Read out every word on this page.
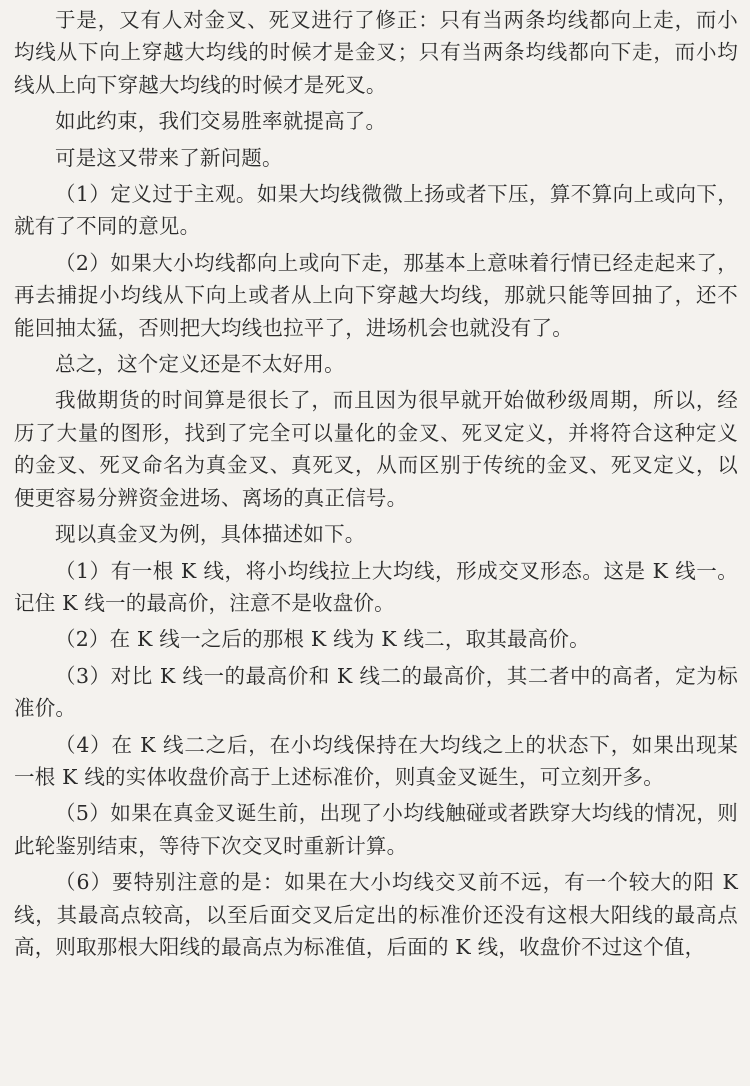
于是，又有人对金叉、死叉进行了修正：只有当两条均线都向上走，而小均线从下向上穿越大均线的时候才是金叉；只有当两条均线都向下走，而小均线从上向下穿越大均线的时候才是死叉。

如此约束，我们交易胜率就提高了。

可是这又带来了新问题。

（1）定义过于主观。如果大均线微微上扬或者下压，算不算向上或向下，就有了不同的意见。

（2）如果大小均线都向上或向下走，那基本上意味着行情已经走起来了，再去捕捉小均线从下向上或者从上向下穿越大均线，那就只能等回抽了，还不能回抽太猛，否则把大均线也拉平了，进场机会也就没有了。

总之，这个定义还是不太好用。

我做期货的时间算是很长了，而且因为很早就开始做秒级周期，所以，经历了大量的图形，找到了完全可以量化的金叉、死叉定义，并将符合这种定义的金叉、死叉命名为真金叉、真死叉，从而区别于传统的金叉、死叉定义，以便更容易分辨资金进场、离场的真正信号。

现以真金叉为例，具体描述如下。

（1）有一根 K 线，将小均线拉上大均线，形成交叉形态。这是 K 线一。记住 K 线一的最高价，注意不是收盘价。

（2）在 K 线一之后的那根 K 线为 K 线二，取其最高价。

（3）对比 K 线一的最高价和 K 线二的最高价，其二者中的高者，定为标准价。

（4）在 K 线二之后，在小均线保持在大均线之上的状态下，如果出现某一根 K 线的实体收盘价高于上述标准价，则真金叉诞生，可立刻开多。

（5）如果在真金叉诞生前，出现了小均线触碰或者跌穿大均线的情况，则此轮鉴别结束，等待下次交叉时重新计算。

（6）要特别注意的是：如果在大小均线交叉前不远，有一个较大的阳 K 线，其最高点较高，以至后面交叉后定出的标准价还没有这根大阳线的最高点高，则取那根大阳线的最高点为标准值，后面的 K 线，收盘价不过这个值，
